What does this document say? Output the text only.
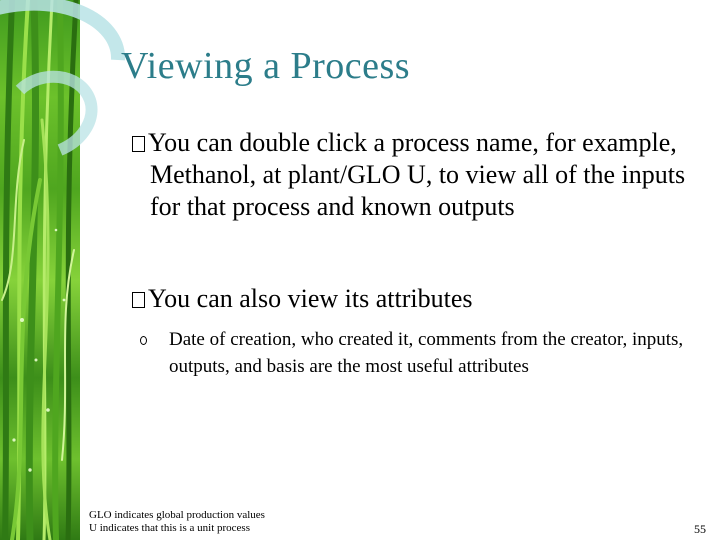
Viewing a Process
You can double click a process name, for example, Methanol, at plant/GLO U, to view all of the inputs for that process and known outputs
You can also view its attributes
Date of creation, who created it, comments from the creator, inputs, outputs, and basis are the most useful attributes
GLO indicates global production values
U indicates that this is a unit process	55
